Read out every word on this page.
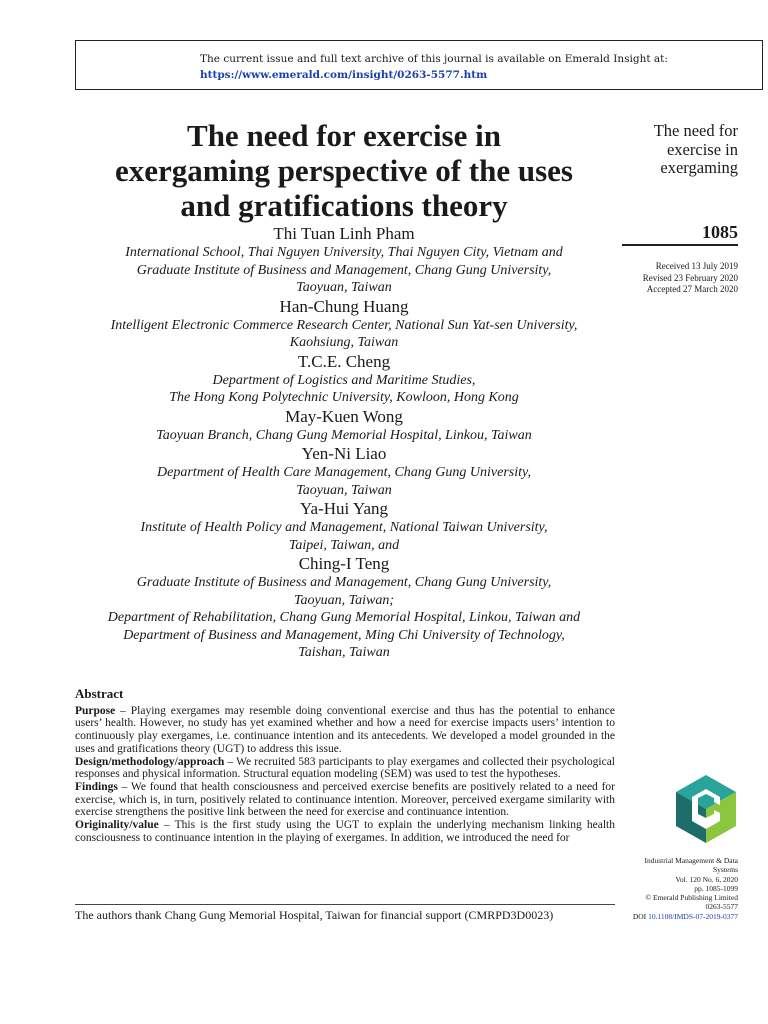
The current issue and full text archive of this journal is available on Emerald Insight at:
https://www.emerald.com/insight/0263-5577.htm
The need for exercise in
exergaming perspective of the uses
and gratifications theory
The need for
exercise in
exergaming
1085
Received 13 July 2019
Revised 23 February 2020
Accepted 27 March 2020
Thi Tuan Linh Pham
International School, Thai Nguyen University, Thai Nguyen City, Vietnam and
Graduate Institute of Business and Management, Chang Gung University,
Taoyuan, Taiwan
Han-Chung Huang
Intelligent Electronic Commerce Research Center, National Sun Yat-sen University,
Kaohsiung, Taiwan
T.C.E. Cheng
Department of Logistics and Maritime Studies,
The Hong Kong Polytechnic University, Kowloon, Hong Kong
May-Kuen Wong
Taoyuan Branch, Chang Gung Memorial Hospital, Linkou, Taiwan
Yen-Ni Liao
Department of Health Care Management, Chang Gung University,
Taoyuan, Taiwan
Ya-Hui Yang
Institute of Health Policy and Management, National Taiwan University,
Taipei, Taiwan, and
Ching-I Teng
Graduate Institute of Business and Management, Chang Gung University,
Taoyuan, Taiwan;
Department of Rehabilitation, Chang Gung Memorial Hospital, Linkou, Taiwan and
Department of Business and Management, Ming Chi University of Technology,
Taishan, Taiwan
Abstract

Purpose – Playing exergames may resemble doing conventional exercise and thus has the potential to enhance users’ health. However, no study has yet examined whether and how a need for exercise impacts users’ intention to continuously play exergames, i.e. continuance intention and its antecedents. We developed a model grounded in the uses and gratifications theory (UGT) to address this issue.

Design/methodology/approach – We recruited 583 participants to play exergames and collected their psychological responses and physical information. Structural equation modeling (SEM) was used to test the hypotheses.

Findings – We found that health consciousness and perceived exercise benefits are positively related to a need for exercise, which is, in turn, positively related to continuance intention. Moreover, perceived exergame similarity with exercise strengthens the positive link between the need for exercise and continuance intention.

Originality/value – This is the first study using the UGT to explain the underlying mechanism linking health consciousness to continuance intention in the playing of exergames. In addition, we introduced the need for

The authors thank Chang Gung Memorial Hospital, Taiwan for financial support (CMRPD3D0023)
Industrial Management & Data
Systems
Vol. 120 No. 6, 2020
pp. 1085-1099
© Emerald Publishing Limited
0263-5577
DOI 10.1108/IMDS-07-2019-0377
